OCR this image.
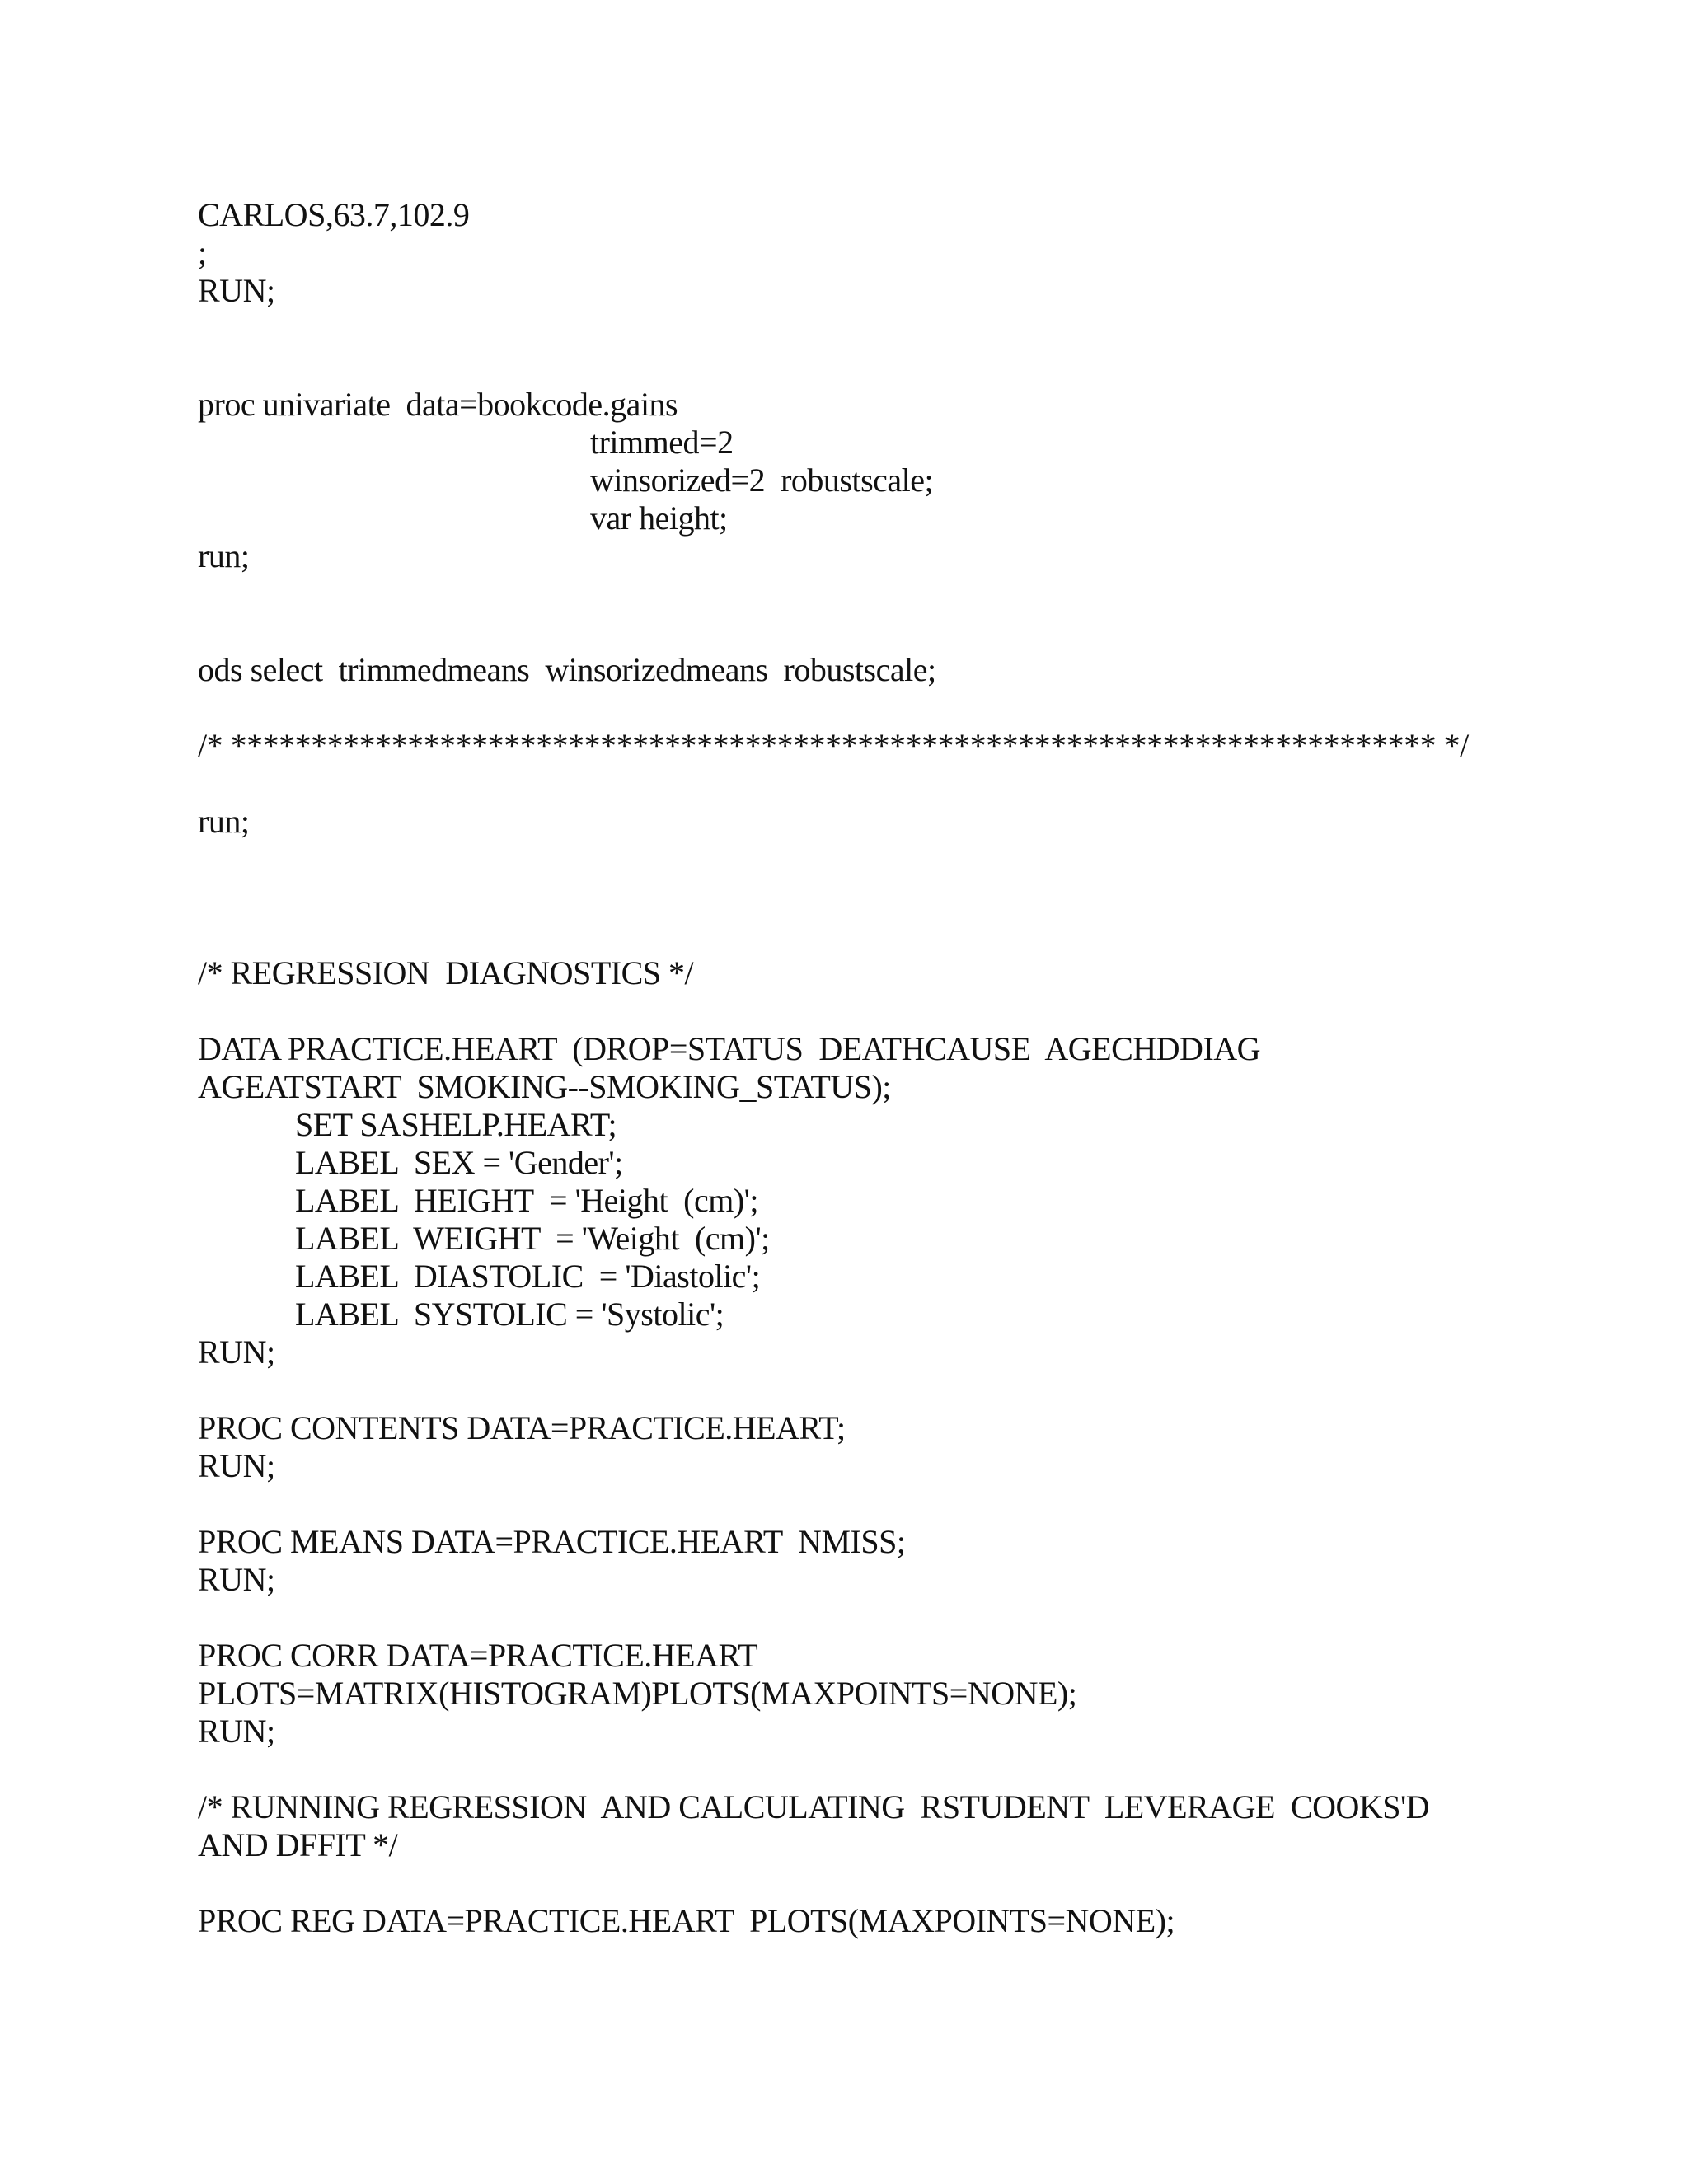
CARLOS,63.7,102.9
;
RUN;
proc univariate  data=bookcode.gains
trimmed=2
winsorized=2  robustscale;
var height;
run;
ods select  trimmedmeans  winsorizedmeans  robustscale;
/* *************************************************************************** */
run;
/* REGRESSION  DIAGNOSTICS */
DATA PRACTICE.HEART  (DROP=STATUS  DEATHCAUSE  AGECHDDIAG
AGEATSTART  SMOKING--SMOKING_STATUS);
SET SASHELP.HEART;
LABEL  SEX = 'Gender';
LABEL  HEIGHT  = 'Height  (cm)';
LABEL  WEIGHT  = 'Weight  (cm)';
LABEL  DIASTOLIC  = 'Diastolic';
LABEL  SYSTOLIC = 'Systolic';
RUN;
PROC CONTENTS DATA=PRACTICE.HEART;
RUN;
PROC MEANS DATA=PRACTICE.HEART  NMISS;
RUN;
PROC CORR DATA=PRACTICE.HEART
PLOTS=MATRIX(HISTOGRAM)PLOTS(MAXPOINTS=NONE);
RUN;
/* RUNNING REGRESSION  AND CALCULATING  RSTUDENT  LEVERAGE  COOKS'D
AND DFFIT */
PROC REG DATA=PRACTICE.HEART  PLOTS(MAXPOINTS=NONE);
